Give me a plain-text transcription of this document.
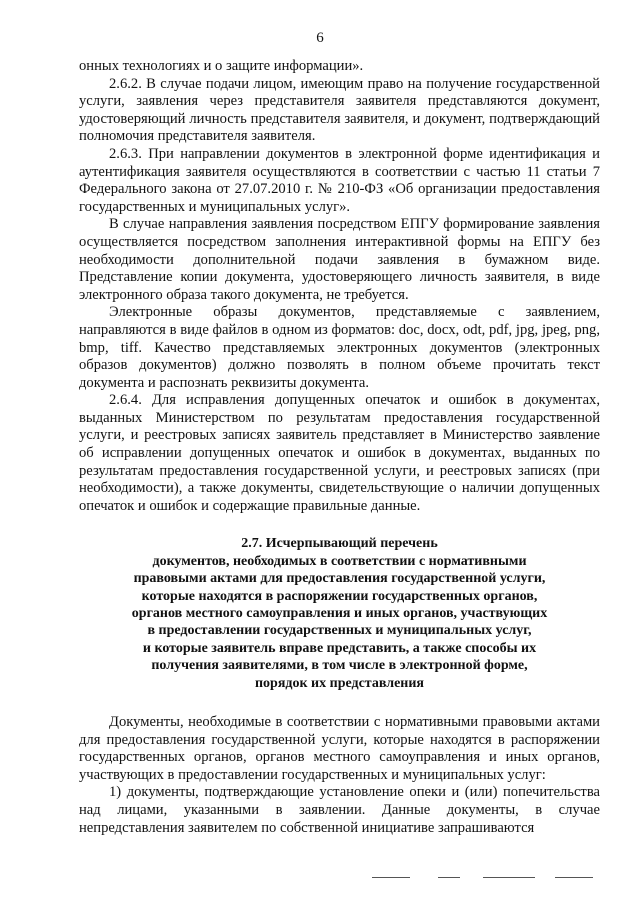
6

онных технологиях и о защите информации».

2.6.2. В случае подачи лицом, имеющим право на получение государственной услуги, заявления через представителя заявителя представляются документ, удостоверяющий личность представителя заявителя, и документ, подтверждающий полномочия представителя заявителя.

2.6.3. При направлении документов в электронной форме идентификация и аутентификация заявителя осуществляются в соответствии с частью 11 статьи 7 Федерального закона от 27.07.2010 г. № 210-ФЗ «Об организации предоставления государственных и муниципальных услуг».

В случае направления заявления посредством ЕПГУ формирование заявления осуществляется посредством заполнения интерактивной формы на ЕПГУ без необходимости дополнительной подачи заявления в бумажном виде. Представление копии документа, удостоверяющего личность заявителя, в виде электронного образа такого документа, не требуется.

Электронные образы документов, представляемые с заявлением, направляются в виде файлов в одном из форматов: doc, docx, odt, pdf, jpg, jpeg, png, bmp, tiff. Качество представляемых электронных документов (электронных образов документов) должно позволять в полном объеме прочитать текст документа и распознать реквизиты документа.

2.6.4. Для исправления допущенных опечаток и ошибок в документах, выданных Министерством по результатам предоставления государственной услуги, и реестровых записях заявитель представляет в Министерство заявление об исправлении допущенных опечаток и ошибок в документах, выданных по результатам предоставления государственной услуги, и реестровых записях (при необходимости), а также документы, свидетельствующие о наличии допущенных опечаток и ошибок и содержащие правильные данные.

2.7. Исчерпывающий перечень
документов, необходимых в соответствии с нормативными
правовыми актами для предоставления государственной услуги,
которые находятся в распоряжении государственных органов,
органов местного самоуправления и иных органов, участвующих
в предоставлении государственных и муниципальных услуг,
и которые заявитель вправе представить, а также способы их
получения заявителями, в том числе в электронной форме,
порядок их представления

Документы, необходимые в соответствии с нормативными правовыми актами для предоставления государственной услуги, которые находятся в распоряжении государственных органов, органов местного самоуправления и иных органов, участвующих в предоставлении государственных и муниципальных услуг:

1) документы, подтверждающие установление опеки и (или) попечительства над лицами, указанными в заявлении. Данные документы, в случае непредставления заявителем по собственной инициативе запрашиваются
